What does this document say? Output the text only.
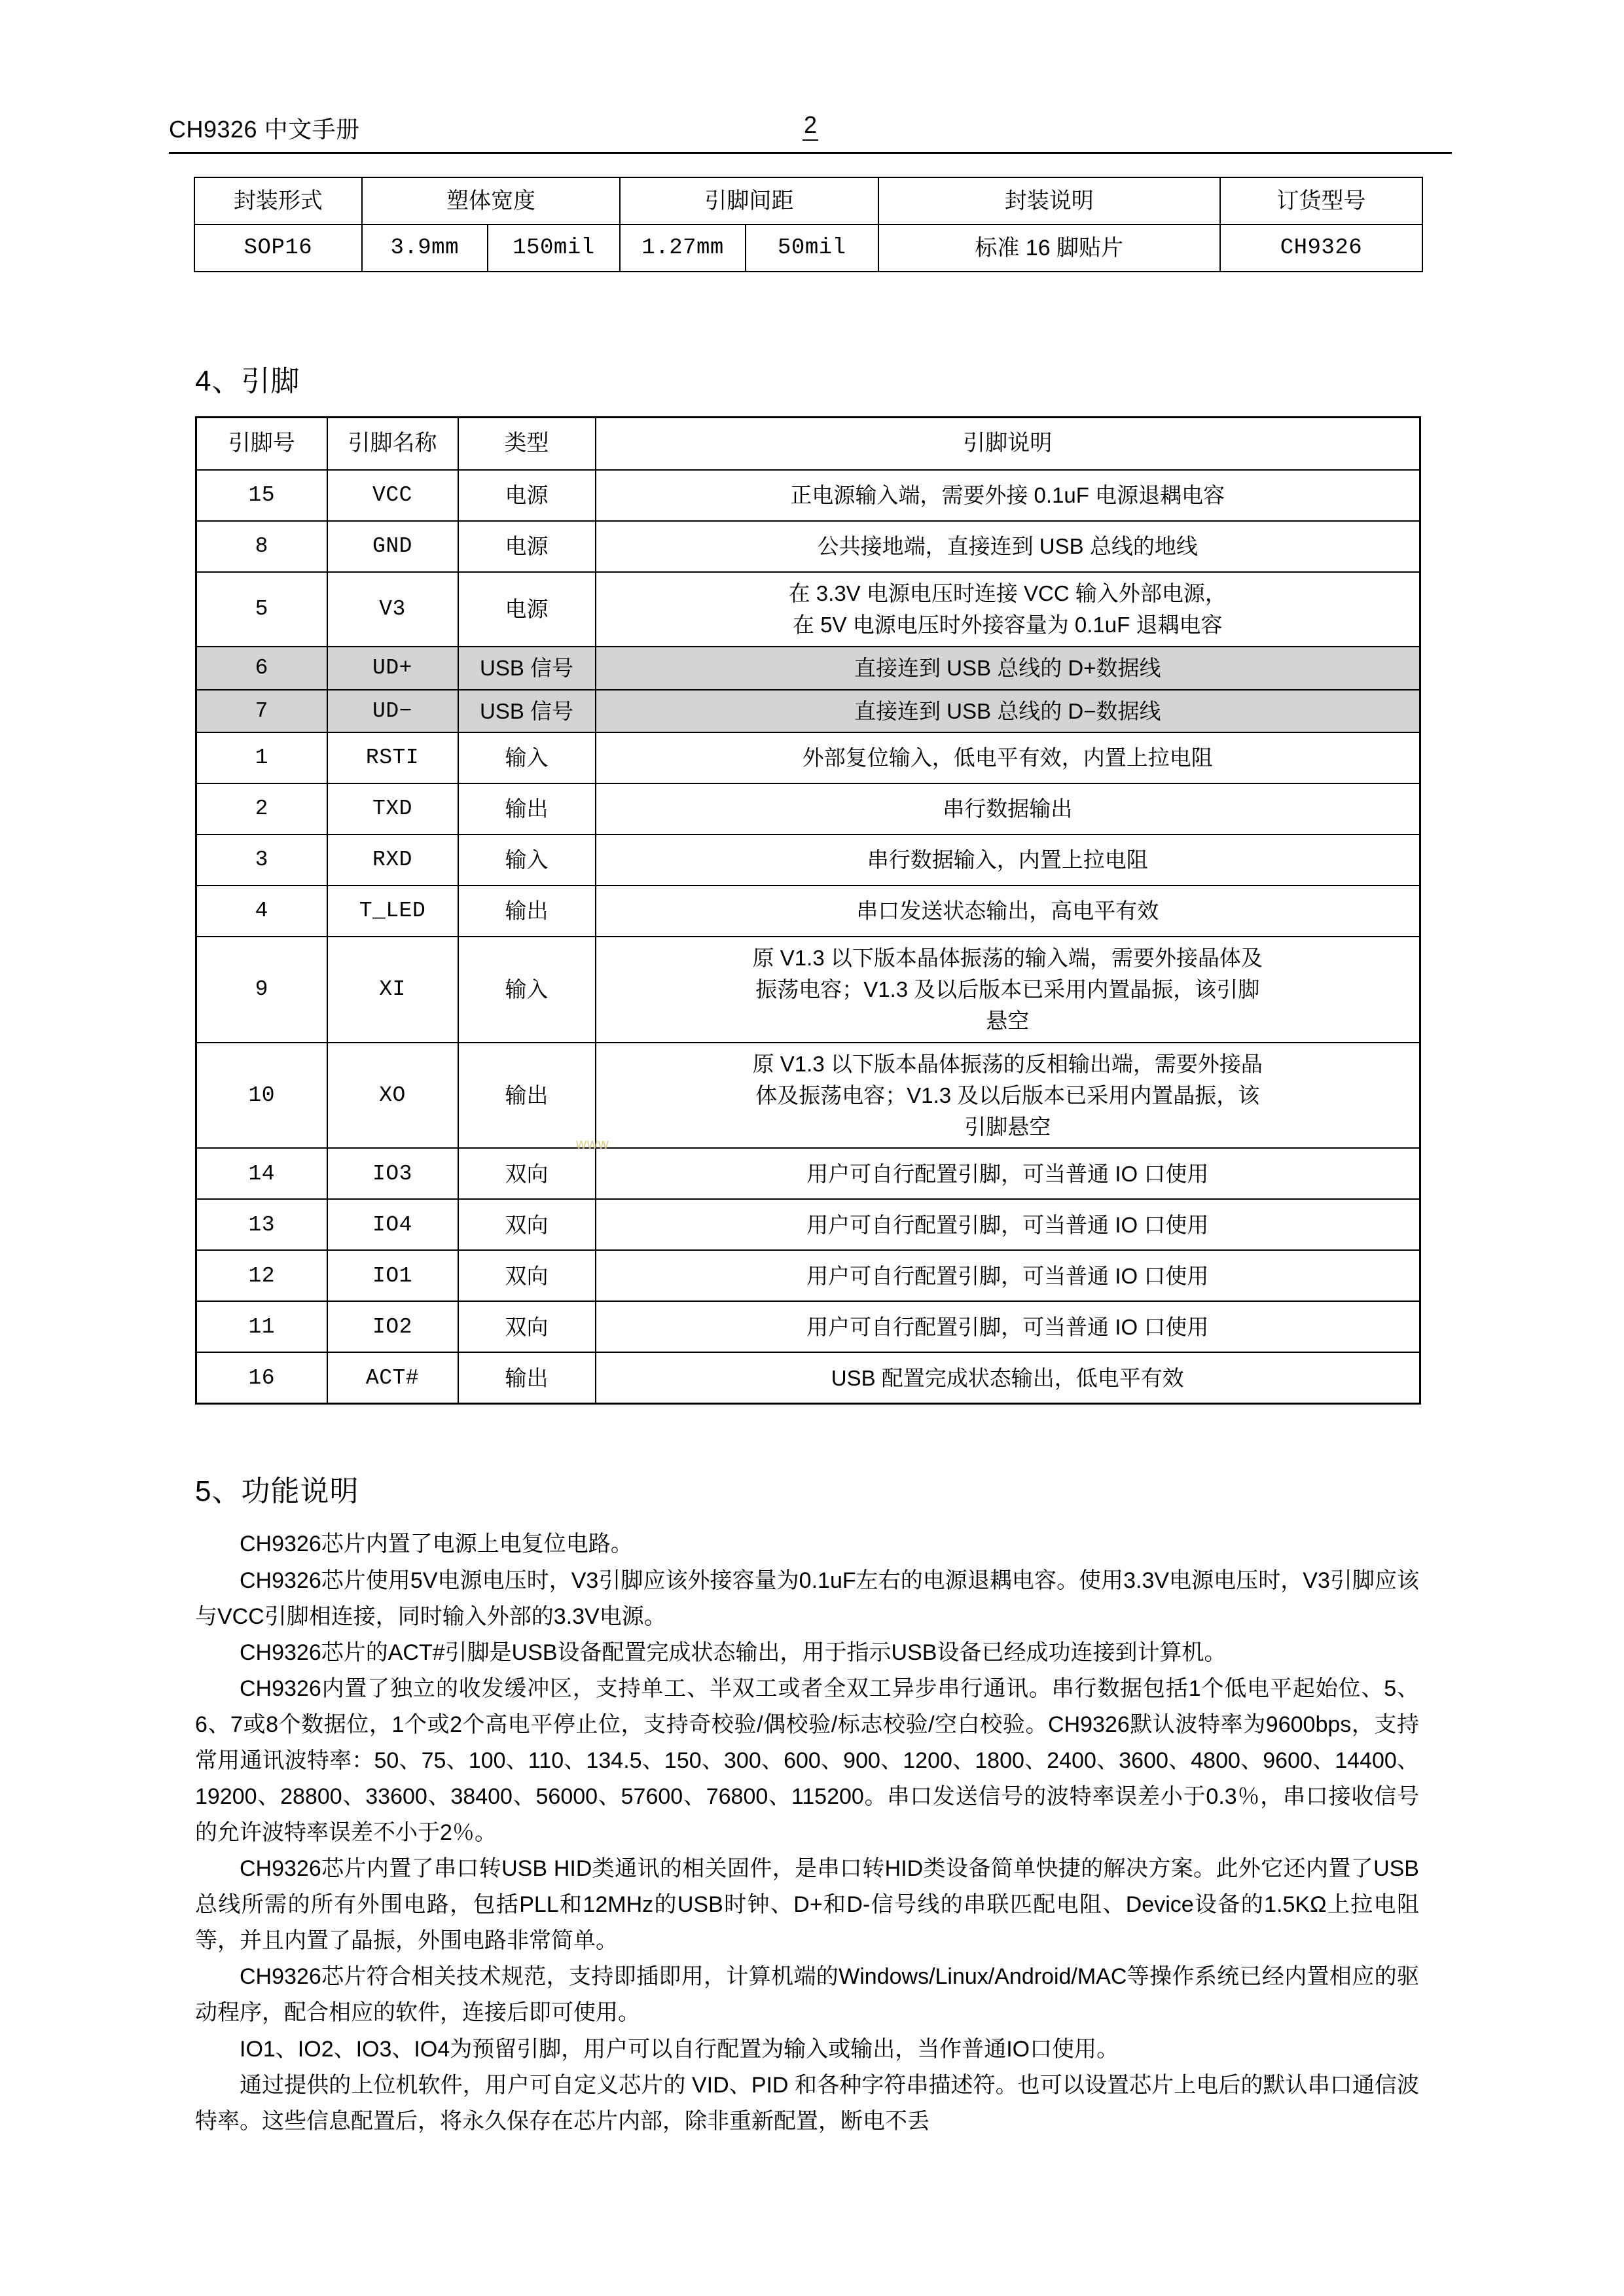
CH9326 中文手册	2
封装形式	塑体宽度		引脚间距		封装说明	订货型号
SOP16	3.9mm	150mil	1.27mm	50mil	标准 16 脚贴片	CH9326
4、引脚
引脚号	引脚名称	类型	引脚说明
15	VCC	电源	正电源输入端，需要外接 0.1uF 电源退耦电容

8	GND	电源	公共接地端，直接连到 USB 总线的地线

5	V3	电源	在 3.3V 电源电压时连接 VCC 输入外部电源，
在 5V 电源电压时外接容量为 0.1uF 退耦电容

6	UD+	USB 信号	直接连到 USB 总线的 D+数据线

7	UD−	USB 信号	直接连到 USB 总线的 D−数据线

1	RSTI	输入	外部复位输入，低电平有效，内置上拉电阻

2	TXD	输出	串行数据输出

3	RXD	输入	串行数据输入，内置上拉电阻

4	T_LED	输出	串口发送状态输出，高电平有效

9	XI	输入	原 V1.3 以下版本晶体振荡的输入端，需要外接晶体及
振荡电容；V1.3 及以后版本已采用内置晶振，该引脚
悬空

10	XO	输出	原 V1.3 以下版本晶体振荡的反相输出端，需要外接晶
体及振荡电容；V1.3 及以后版本已采用内置晶振，该
引脚悬空

14	IO3	双向	用户可自行配置引脚，可当普通 IO 口使用

13	IO4	双向	用户可自行配置引脚，可当普通 IO 口使用

12	IO1	双向	用户可自行配置引脚，可当普通 IO 口使用

11	IO2	双向	用户可自行配置引脚，可当普通 IO 口使用

16	ACT#	输出	USB 配置完成状态输出，低电平有效
5、功能说明

CH9326芯片内置了电源上电复位电路。

CH9326芯片使用5V电源电压时，V3引脚应该外接容量为0.1uF左右的电源退耦电容。使用3.3V电源电压时，V3引脚应该与VCC引脚相连接，同时输入外部的3.3V电源。

CH9326芯片的ACT#引脚是USB设备配置完成状态输出，用于指示USB设备已经成功连接到计算机。

CH9326内置了独立的收发缓冲区，支持单工、半双工或者全双工异步串行通讯。串行数据包括1个低电平起始位、5、6、7或8个数据位，1个或2个高电平停止位，支持奇校验/偶校验/标志校验/空白校验。CH9326默认波特率为9600bps，支持常用通讯波特率：50、75、100、110、134.5、150、300、600、900、1200、1800、2400、3600、4800、9600、14400、19200、28800、33600、38400、56000、57600、76800、115200。串口发送信号的波特率误差小于0.3％，串口接收信号的允许波特率误差不小于2％。

CH9326芯片内置了串口转USB HID类通讯的相关固件，是串口转HID类设备简单快捷的解决方案。此外它还内置了USB总线所需的所有外围电路，包括PLL和12MHz的USB时钟、D+和D-信号线的串联匹配电阻、Device设备的1.5KΩ上拉电阻等，并且内置了晶振，外围电路非常简单。

CH9326芯片符合相关技术规范，支持即插即用，计算机端的Windows/Linux/Android/MAC等操作系统已经内置相应的驱动程序，配合相应的软件，连接后即可使用。

IO1、IO2、IO3、IO4为预留引脚，用户可以自行配置为输入或输出，当作普通IO口使用。

通过提供的上位机软件，用户可自定义芯片的 VID、PID 和各种字符串描述符。也可以设置芯片上电后的默认串口通信波特率。这些信息配置后，将永久保存在芯片内部，除非重新配置，断电不丢

www
